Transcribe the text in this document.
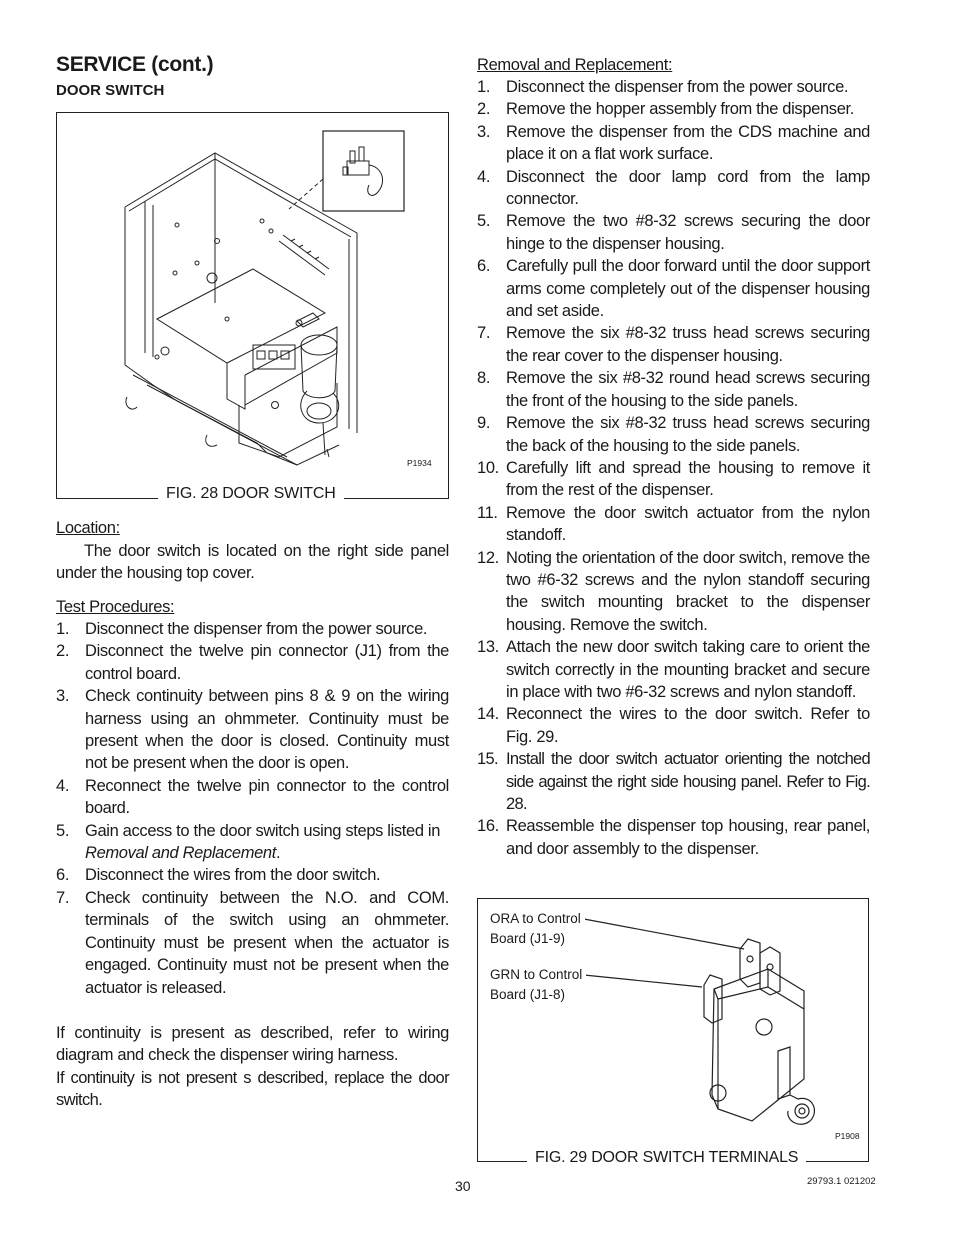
SERVICE (cont.)
DOOR SWITCH
P1934
FIG. 28 DOOR SWITCH
Location:
The door switch is located on the right side panel under the housing top cover.
Test Procedures:
1. Disconnect the dispenser from the power source.
2. Disconnect the twelve pin connector (J1) from the control board.
3. Check continuity between pins 8 & 9 on the wiring harness using an ohmmeter. Continuity must be present when the door is closed. Continuity must not be present when the door is open.
4. Reconnect the twelve pin connector to the control board.
5. Gain access to the door switch using steps listed in
Removal and Replacement.
6. Disconnect the wires from the door switch.
7. Check continuity between the N.O. and COM. terminals of the switch using an ohmmeter. Continuity must be present when the actuator is engaged. Continuity must not be present when the actuator is released.
If continuity is present as described, refer to wiring diagram and check the dispenser wiring harness.
If continuity is not present s described, replace the door switch.
Removal and Replacement:
1. Disconnect the dispenser from the power source.
2. Remove the hopper assembly from the dispenser.
3. Remove the dispenser from the CDS machine and place it on a flat work surface.
4. Disconnect the door lamp cord from the lamp connector.
5. Remove the two #8-32 screws securing the door hinge to the dispenser housing.
6. Carefully pull the door forward until the door support arms come completely out of the dispenser housing and set aside.
7. Remove the six #8-32 truss head screws securing the rear cover to the dispenser housing.
8. Remove the six #8-32 round head screws securing the front of the housing to the side panels.
9. Remove the six #8-32 truss head screws securing the back of the housing to the side panels.
10. Carefully lift and spread the housing to remove it from the rest of the dispenser.
11. Remove the door switch actuator from the nylon standoff.
12. Noting the orientation of the door switch, remove the two #6-32 screws and the nylon standoff securing the switch mounting bracket to the dispenser housing. Remove the switch.
13. Attach the new door switch taking care to orient the switch correctly in the mounting bracket and secure in place with two #6-32 screws and nylon standoff.
14. Reconnect the wires to the door switch. Refer to Fig. 29.
15. Install the door switch actuator orienting the notched side against the right side housing panel. Refer to Fig. 28.
16. Reassemble the dispenser top housing, rear panel, and door assembly to the dispenser.
ORA to Control
Board (J1-9)
GRN to Control
Board (J1-8)
P1908
FIG. 29 DOOR SWITCH TERMINALS
30	29793.1 021202
